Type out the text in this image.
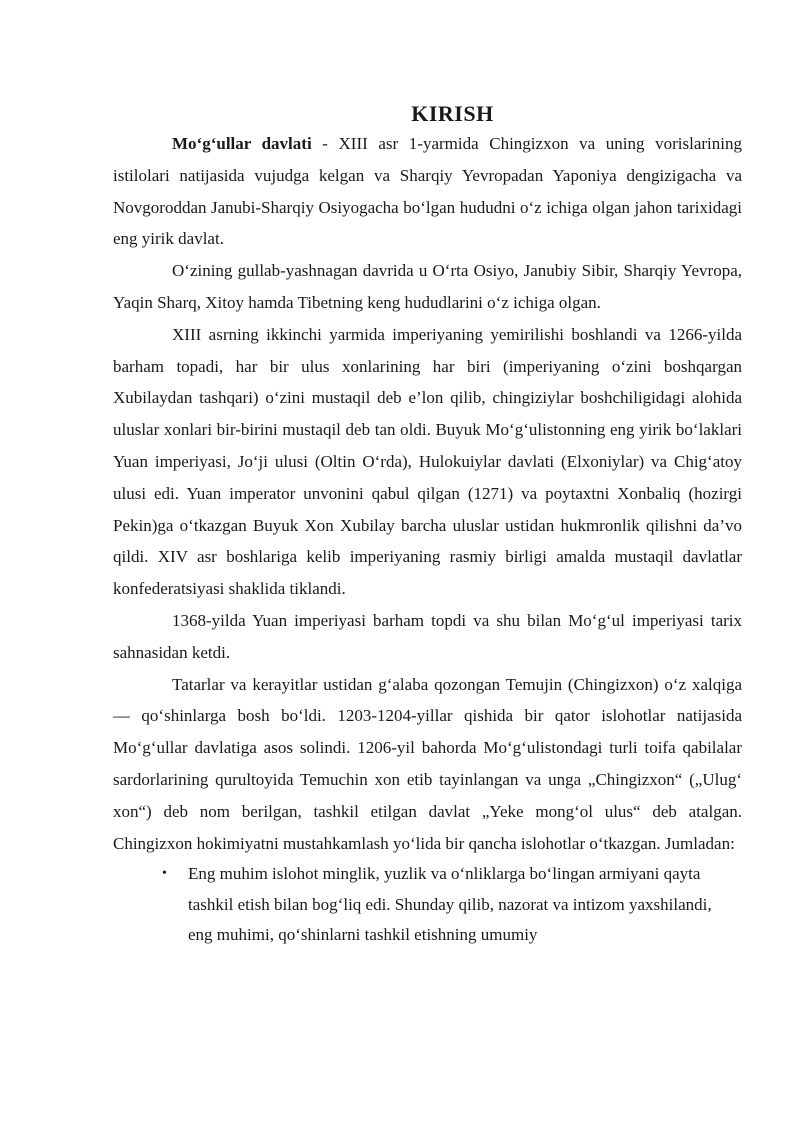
KIRISH

Mo‘g‘ullar davlati - XIII asr 1-yarmida Chingizxon va uning vorislarining istilolari natijasida vujudga kelgan va Sharqiy Yevropadan Yaponiya dengizigacha va Novgoroddan Janubi-Sharqiy Osiyogacha bo‘lgan hududni o‘z ichiga olgan jahon tarixidagi eng yirik davlat.

O‘zining gullab-yashnagan davrida u O‘rta Osiyo, Janubiy Sibir, Sharqiy Yevropa, Yaqin Sharq, Xitoy hamda Tibetning keng hududlarini o‘z ichiga olgan.

XIII asrning ikkinchi yarmida imperiyaning yemirilishi boshlandi va 1266-yilda barham topadi, har bir ulus xonlarining har biri (imperiyaning o‘zini boshqargan Xubilaydan tashqari) o‘zini mustaqil deb e’lon qilib, chingiziylar boshchiligidagi alohida uluslar xonlari bir-birini mustaqil deb tan oldi. Buyuk Mo‘g‘ulistonning eng yirik bo‘laklari Yuan imperiyasi, Jo‘ji ulusi (Oltin O‘rda), Hulokuiylar davlati (Elxoniylar) va Chig‘atoy ulusi edi. Yuan imperator unvonini qabul qilgan (1271) va poytaxtni Xonbaliq (hozirgi Pekin)ga o‘tkazgan Buyuk Xon Xubilay barcha uluslar ustidan hukmronlik qilishni da’vo qildi. XIV asr boshlariga kelib imperiyaning rasmiy birligi amalda mustaqil davlatlar konfederatsiyasi shaklida tiklandi.

1368-yilda Yuan imperiyasi barham topdi va shu bilan Mo‘g‘ul imperiyasi tarix sahnasidan ketdi.

Tatarlar va kerayitlar ustidan g‘alaba qozongan Temujin (Chingizxon) o‘z xalqiga — qo‘shinlarga bosh bo‘ldi. 1203-1204-yillar qishida bir qator islohotlar natijasida Mo‘g‘ullar davlatiga asos solindi. 1206-yil bahorda Mo‘g‘ulistondagi turli toifa qabilalar sardorlarining qurultoyida Temuchin xon etib tayinlangan va unga „Chingizxon“ („Ulug‘ xon“) deb nom berilgan, tashkil etilgan davlat „Yeke mong‘ol ulus“ deb atalgan. Chingizxon hokimiyatni mustahkamlash yo‘lida bir qancha islohotlar o‘tkazgan. Jumladan:

• Eng muhim islohot minglik, yuzlik va o‘nliklarga bo‘lingan armiyani qayta tashkil etish bilan bog‘liq edi. Shunday qilib, nazorat va intizom yaxshilandi, eng muhimi, qo‘shinlarni tashkil etishning umumiy
